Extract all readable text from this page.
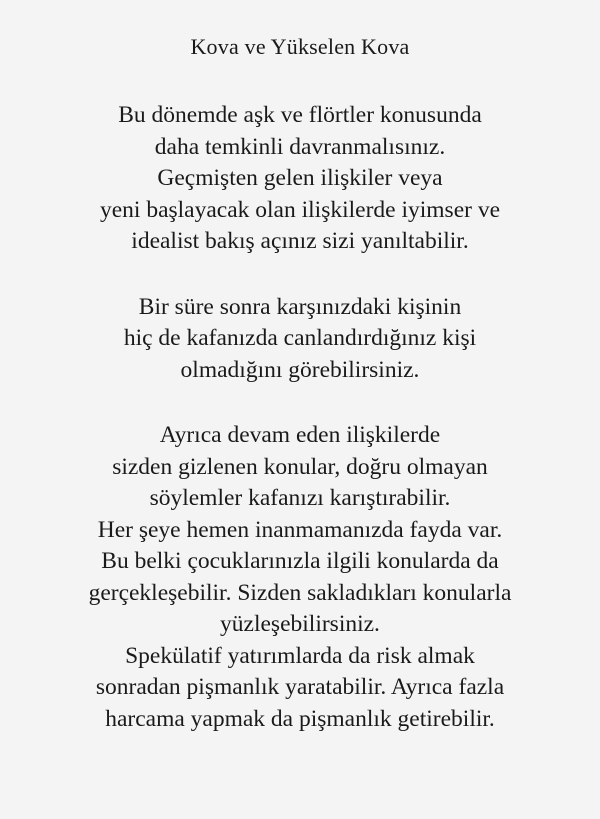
Kova ve Yükselen Kova
Bu dönemde aşk ve flörtler konusunda
daha temkinli davranmalısınız.
Geçmişten gelen ilişkiler veya
yeni başlayacak olan ilişkilerde iyimser ve
idealist bakış açınız sizi yanıltabilir.
Bir süre sonra karşınızdaki kişinin
hiç de kafanızda canlandırdığınız kişi
olmadığını görebilirsiniz.
Ayrıca devam eden ilişkilerde
sizden gizlenen konular, doğru olmayan
söylemler kafanızı karıştırabilir.
Her şeye hemen inanmamanızda fayda var.
Bu belki çocuklarınızla ilgili konularda da
gerçekleşebilir. Sizden sakladıkları konularla
yüzleşebilirsiniz.
Spekülatif yatırımlarda da risk almak
sonradan pişmanlık yaratabilir. Ayrıca fazla
harcama yapmak da pişmanlık getirebilir.
